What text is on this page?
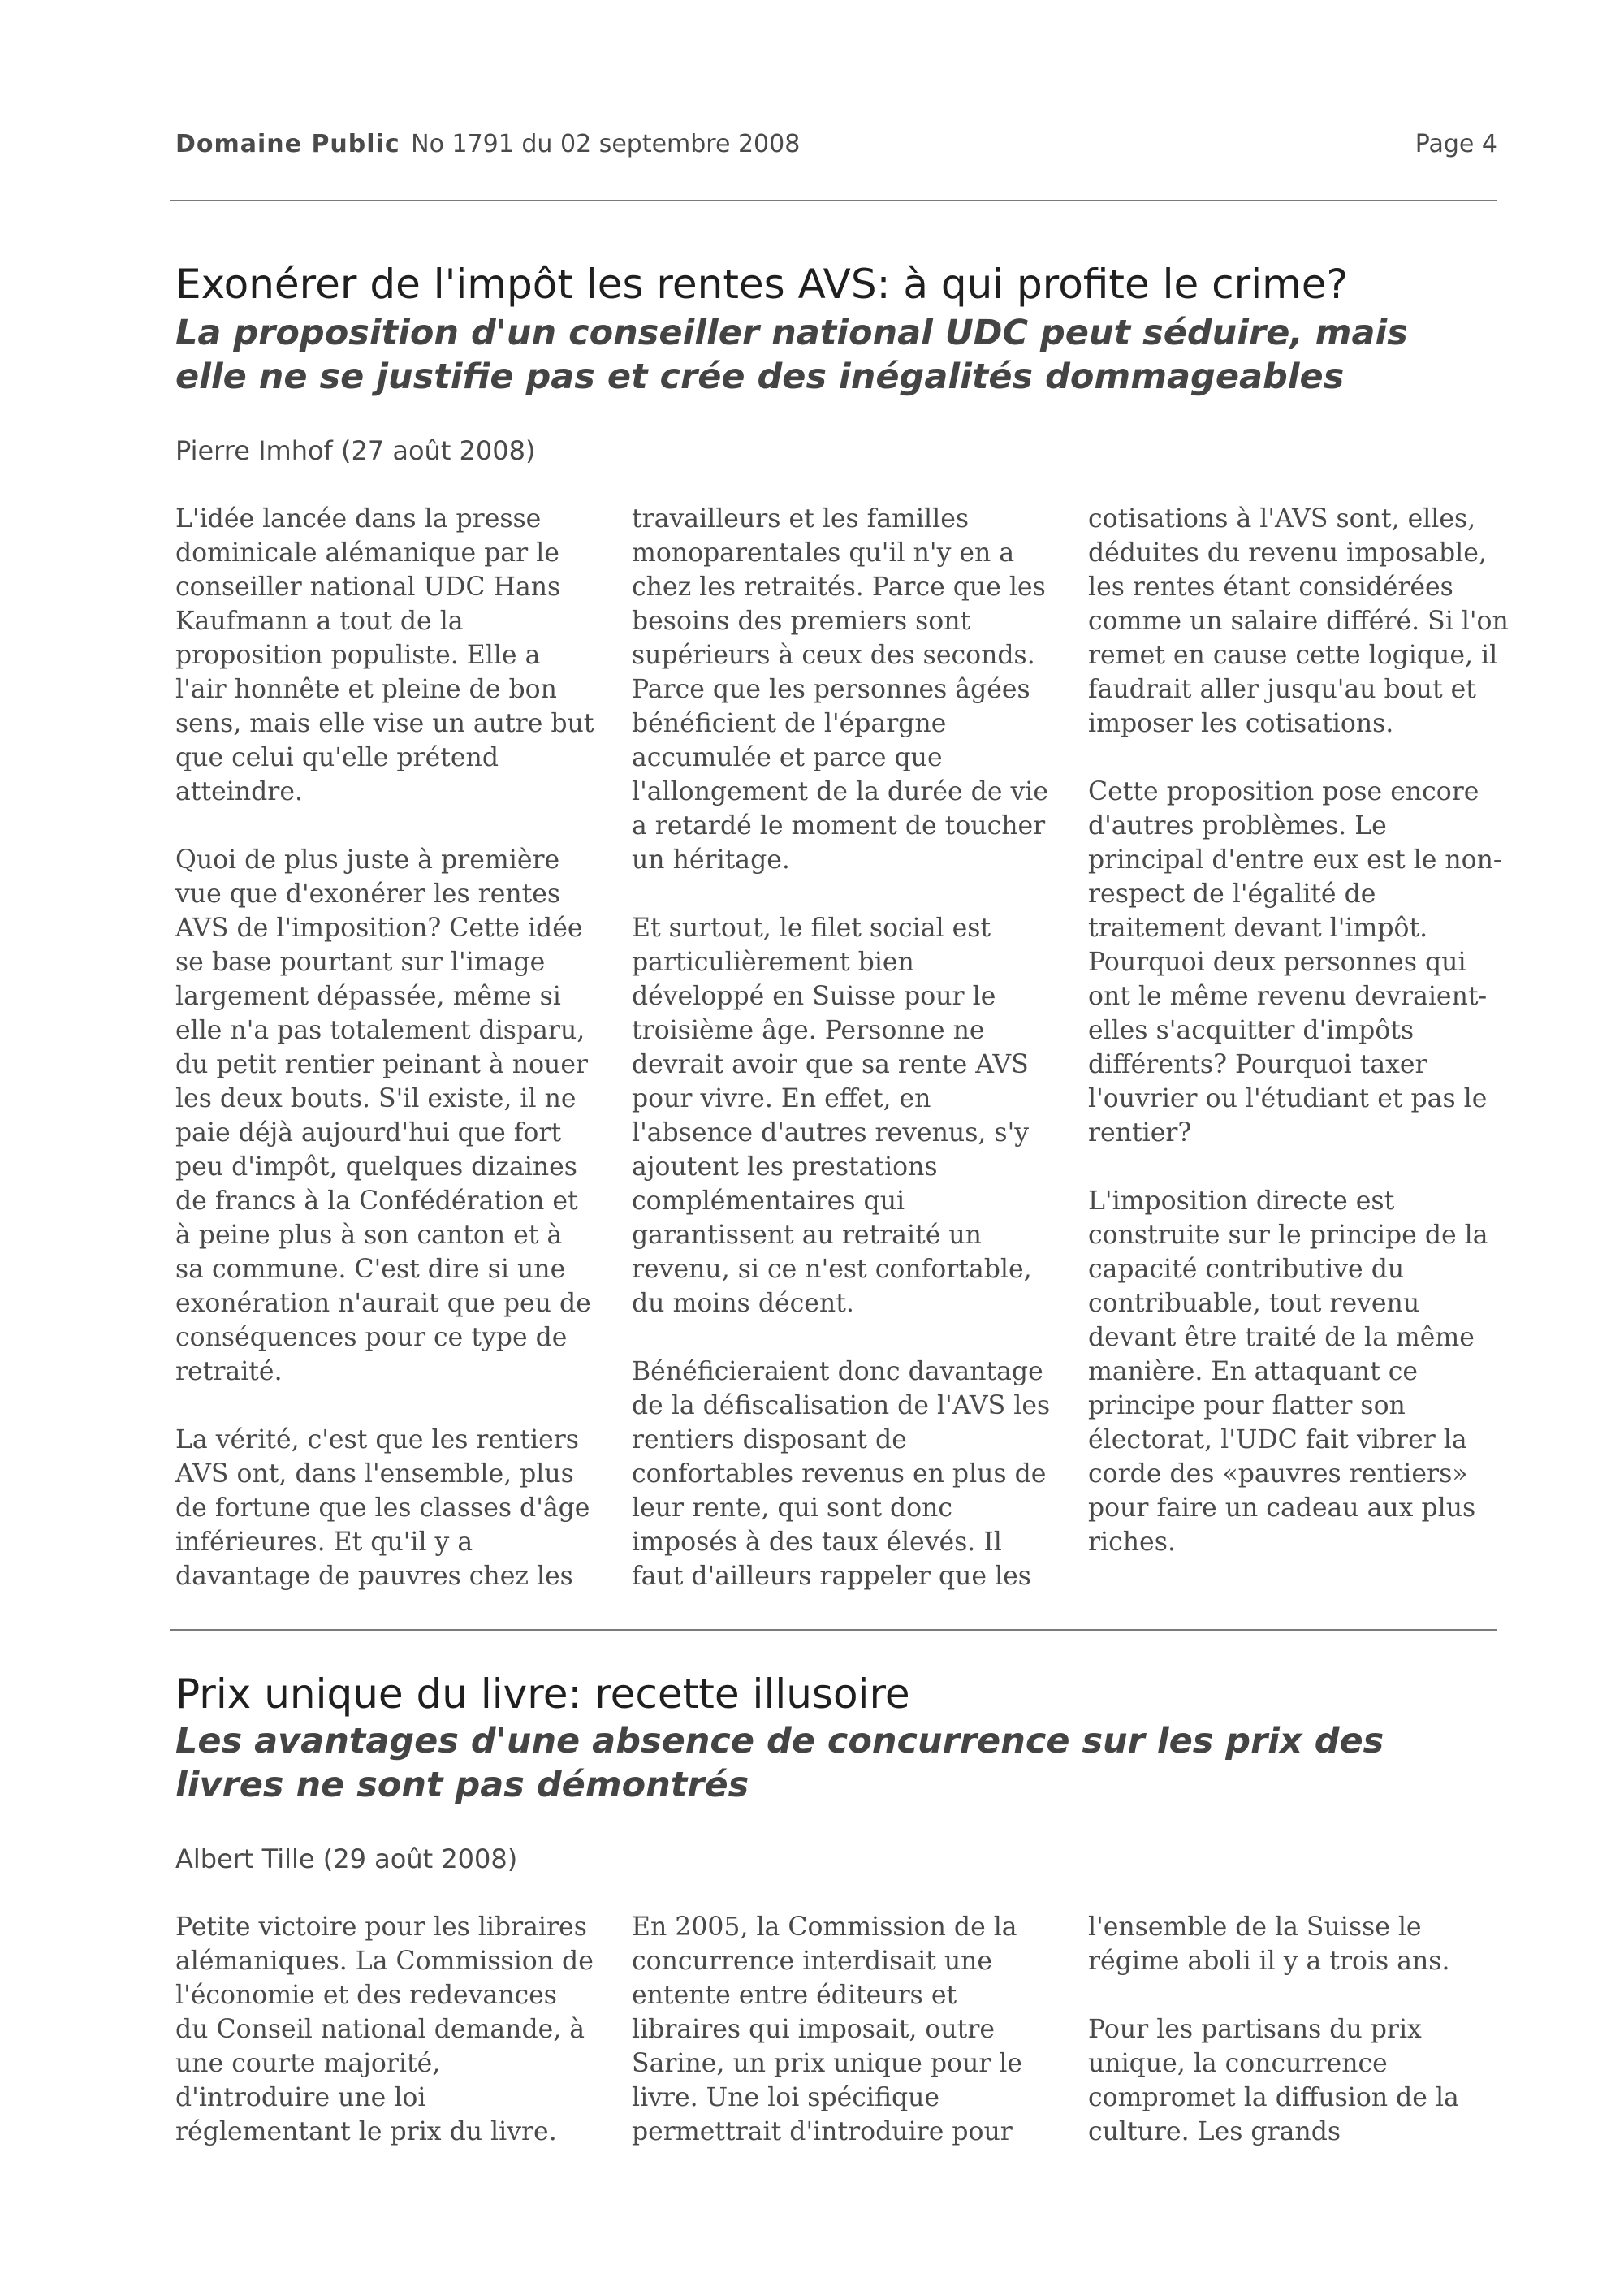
Domaine Public No 1791 du 02 septembre 2008	Page 4
Exonérer de l'impôt les rentes AVS: à qui profite le crime?
La proposition d'un conseiller national UDC peut séduire, mais elle ne se justifie pas et crée des inégalités dommageables
Pierre Imhof (27 août 2008)

L'idée lancée dans la presse dominicale alémanique par le conseiller national UDC Hans Kaufmann a tout de la proposition populiste. Elle a l'air honnête et pleine de bon sens, mais elle vise un autre but que celui qu'elle prétend atteindre.

Quoi de plus juste à première vue que d'exonérer les rentes AVS de l'imposition? Cette idée se base pourtant sur l'image largement dépassée, même si elle n'a pas totalement disparu, du petit rentier peinant à nouer les deux bouts. S'il existe, il ne paie déjà aujourd'hui que fort peu d'impôt, quelques dizaines de francs à la Confédération et à peine plus à son canton et à sa commune. C'est dire si une exonération n'aurait que peu de conséquences pour ce type de retraité.

La vérité, c'est que les rentiers AVS ont, dans l'ensemble, plus de fortune que les classes d'âge inférieures. Et qu'il y a davantage de pauvres chez les

travailleurs et les familles monoparentales qu'il n'y en a chez les retraités. Parce que les besoins des premiers sont supérieurs à ceux des seconds. Parce que les personnes âgées bénéficient de l'épargne accumulée et parce que l'allongement de la durée de vie a retardé le moment de toucher un héritage.

Et surtout, le filet social est particulièrement bien développé en Suisse pour le troisième âge. Personne ne devrait avoir que sa rente AVS pour vivre. En effet, en l'absence d'autres revenus, s'y ajoutent les prestations complémentaires qui garantissent au retraité un revenu, si ce n'est confortable, du moins décent.

Bénéficieraient donc davantage de la défiscalisation de l'AVS les rentiers disposant de confortables revenus en plus de leur rente, qui sont donc imposés à des taux élevés. Il faut d'ailleurs rappeler que les

cotisations à l'AVS sont, elles, déduites du revenu imposable, les rentes étant considérées comme un salaire différé. Si l'on remet en cause cette logique, il faudrait aller jusqu'au bout et imposer les cotisations.

Cette proposition pose encore d'autres problèmes. Le principal d'entre eux est le non-respect de l'égalité de traitement devant l'impôt. Pourquoi deux personnes qui ont le même revenu devraient-elles s'acquitter d'impôts différents? Pourquoi taxer l'ouvrier ou l'étudiant et pas le rentier?

L'imposition directe est construite sur le principe de la capacité contributive du contribuable, tout revenu devant être traité de la même manière. En attaquant ce principe pour flatter son électorat, l'UDC fait vibrer la corde des «pauvres rentiers» pour faire un cadeau aux plus riches.

Prix unique du livre: recette illusoire
Les avantages d'une absence de concurrence sur les prix des livres ne sont pas démontrés
Albert Tille (29 août 2008)

Petite victoire pour les libraires alémaniques. La Commission de l'économie et des redevances du Conseil national demande, à une courte majorité, d'introduire une loi réglementant le prix du livre.

En 2005, la Commission de la concurrence interdisait une entente entre éditeurs et libraires qui imposait, outre Sarine, un prix unique pour le livre. Une loi spécifique permettrait d'introduire pour

l'ensemble de la Suisse le régime aboli il y a trois ans.

Pour les partisans du prix unique, la concurrence compromet la diffusion de la culture. Les grands
